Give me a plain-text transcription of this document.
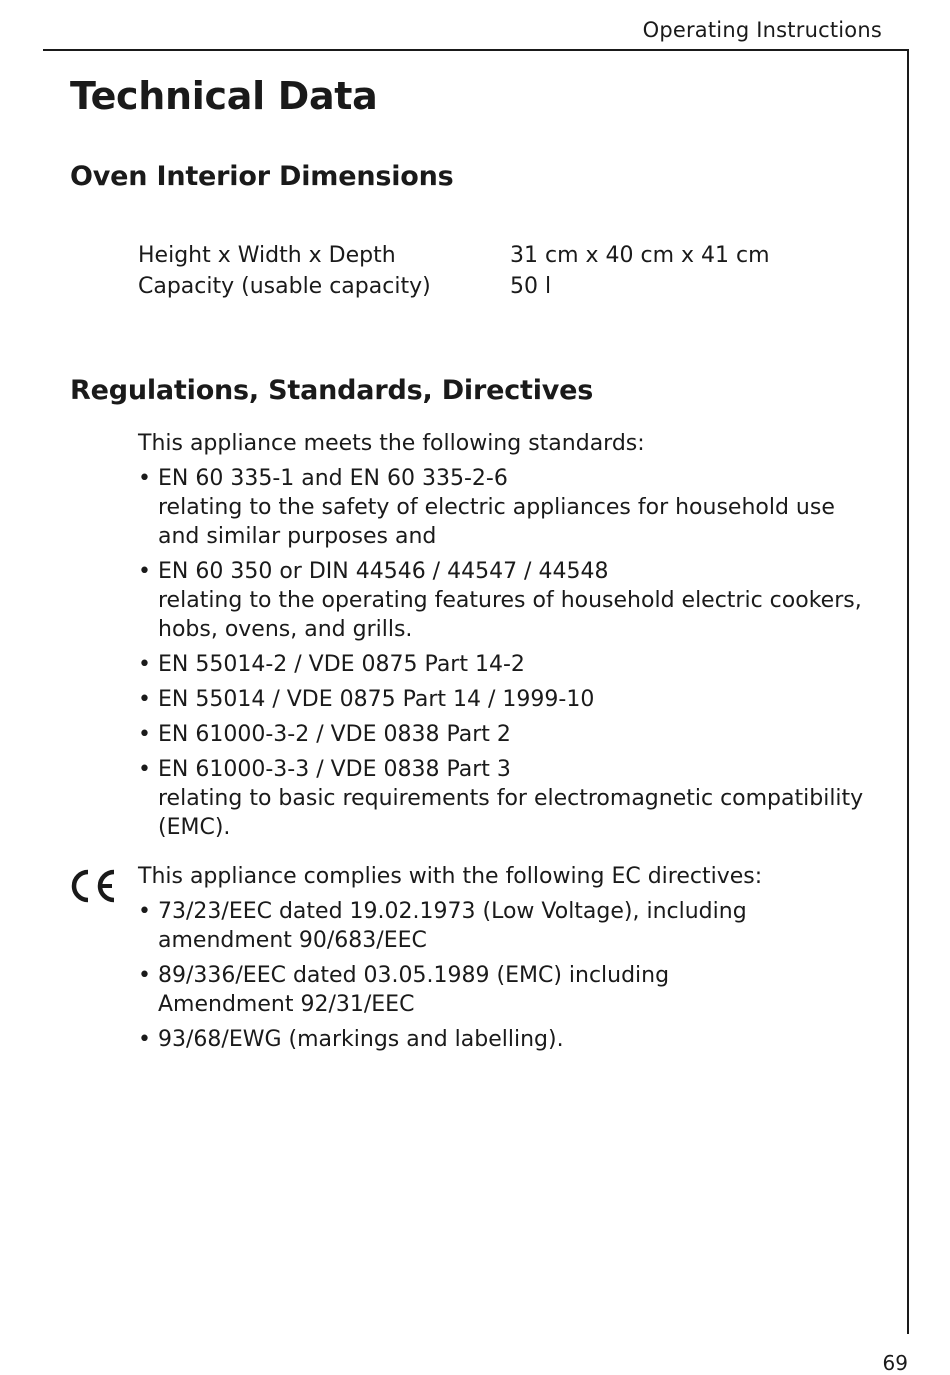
Operating Instructions
Technical Data
Oven Interior Dimensions
Height x Width x Depth	31 cm x 40 cm x 41 cm
Capacity (usable capacity)	50 l
Regulations, Standards, Directives
This appliance meets the following standards:
• EN 60 335-1 and EN 60 335-2-6
relating to the safety of electric appliances for household use and similar purposes and
• EN 60 350 or DIN 44546 / 44547 / 44548
relating to the operating features of household electric cookers, hobs, ovens, and grills.
• EN 55014-2 / VDE 0875 Part 14-2
• EN 55014 / VDE 0875 Part 14 / 1999-10
• EN 61000-3-2 / VDE 0838 Part 2
• EN 61000-3-3 / VDE 0838 Part 3
relating to basic requirements for electromagnetic compatibility (EMC).
This appliance complies with the following EC directives:
• 73/23/EEC dated 19.02.1973 (Low Voltage), including amendment 90/683/EEC
• 89/336/EEC dated 03.05.1989 (EMC) including
Amendment 92/31/EEC
• 93/68/EWG (markings and labelling).
69
